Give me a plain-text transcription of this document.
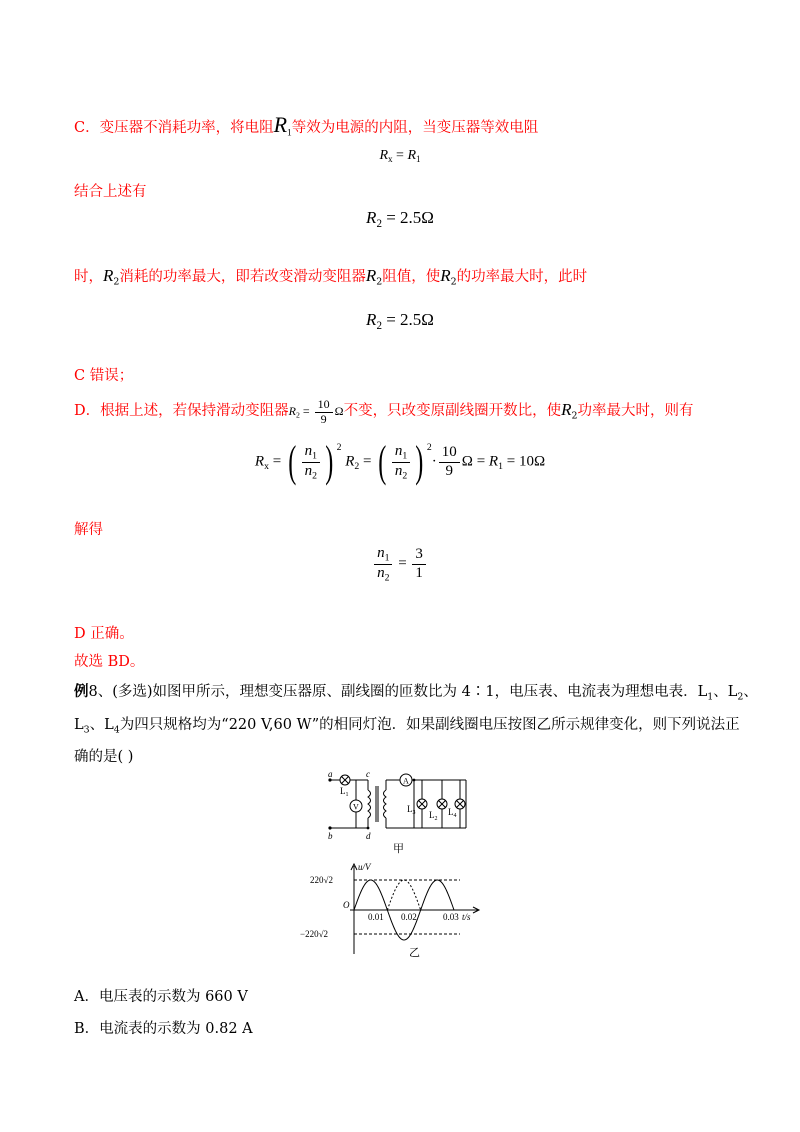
C．变压器不消耗功率，将电阻$R_1$等效为电源的内阻，当变压器等效电阻
$R_x = R_1$
结合上述有
$R_2 = 2.5\Omega$
时，$R_2$消耗的功率最大，即若改变滑动变阻器$R_2$阻值，使$R_2$的功率最大时，此时
$R_2 = 2.5\Omega$
C 错误；
D．根据上述，若保持滑动变阻器$R_2 = \frac{10}{9}$ Ω不变，只改变原副线圈开数比，使$R_2$功率最大时，则有
$R_x$ = ( $\frac{n_1}{n_2}$ ) $^2$ $R_2$ = ( $\frac{n_1}{n_2}$ ) $^2\cdot \frac{10}{9}$ $\Omega = R_1 = 10\Omega$
解得
$\frac{n_1}{n_2} = \frac{3}{1}$
D 正确。
故选 BD。
例8、(多选)如图甲所示，理想变压器原、副线圈的匝数比为 4∶1，电压表、电流表为理想电表．$L_1$、$L_2$、
$L_3$、$L_4$为四只规格均为“220 V,60 W”的相同灯泡．如果副线圈电压按图乙所示规律变化，则下列说法正
确的是( )
a
b
c
d
$L_1$
V
A
$L_3$ $L_2$
$L_4$
甲
u/V
220√2
−220√2
O
t/s
0.01 0.02	0.03
乙
A．电压表的示数为 660 V
B．电流表的示数为 0.82 A
